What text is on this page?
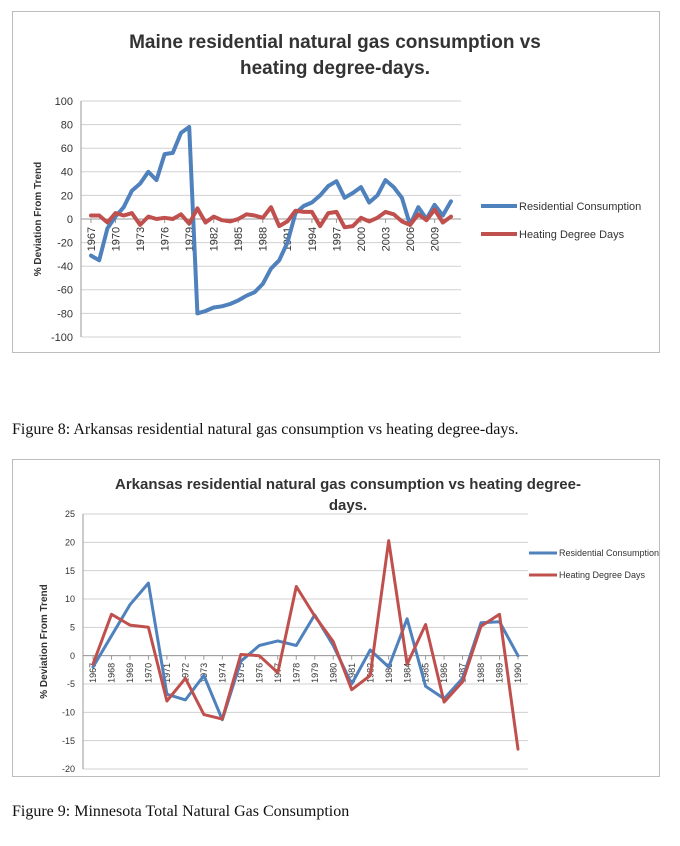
Maine residential natural gas consumption vs
heating degree-days.
100
80
60
40
20
0
-20
-40
-60
-80
-100
1967 1970 1973 1976 1979 1982 1985 1988 1991 1994 1997 2000 2003 2006 2009
% Deviation From Trend	Residential Consumption
Heating Degree Days
Figure 8: Arkansas residential natural gas consumption vs heating degree-days.
Arkansas residential natural gas consumption vs heating degree-
days.
25
20
15
10
5
0
-5
-10
-15
-20
1967 1968 1969 1970 1971 1972 1973 1974 1975 1976 1977 1978 1979 1980 1981 1982 1983 1984 1985 1986 1987 1988 1989 1990
% Deviation From Trend
Residential Consumption
Heating Degree Days
Figure 9: Minnesota Total Natural Gas Consumption
